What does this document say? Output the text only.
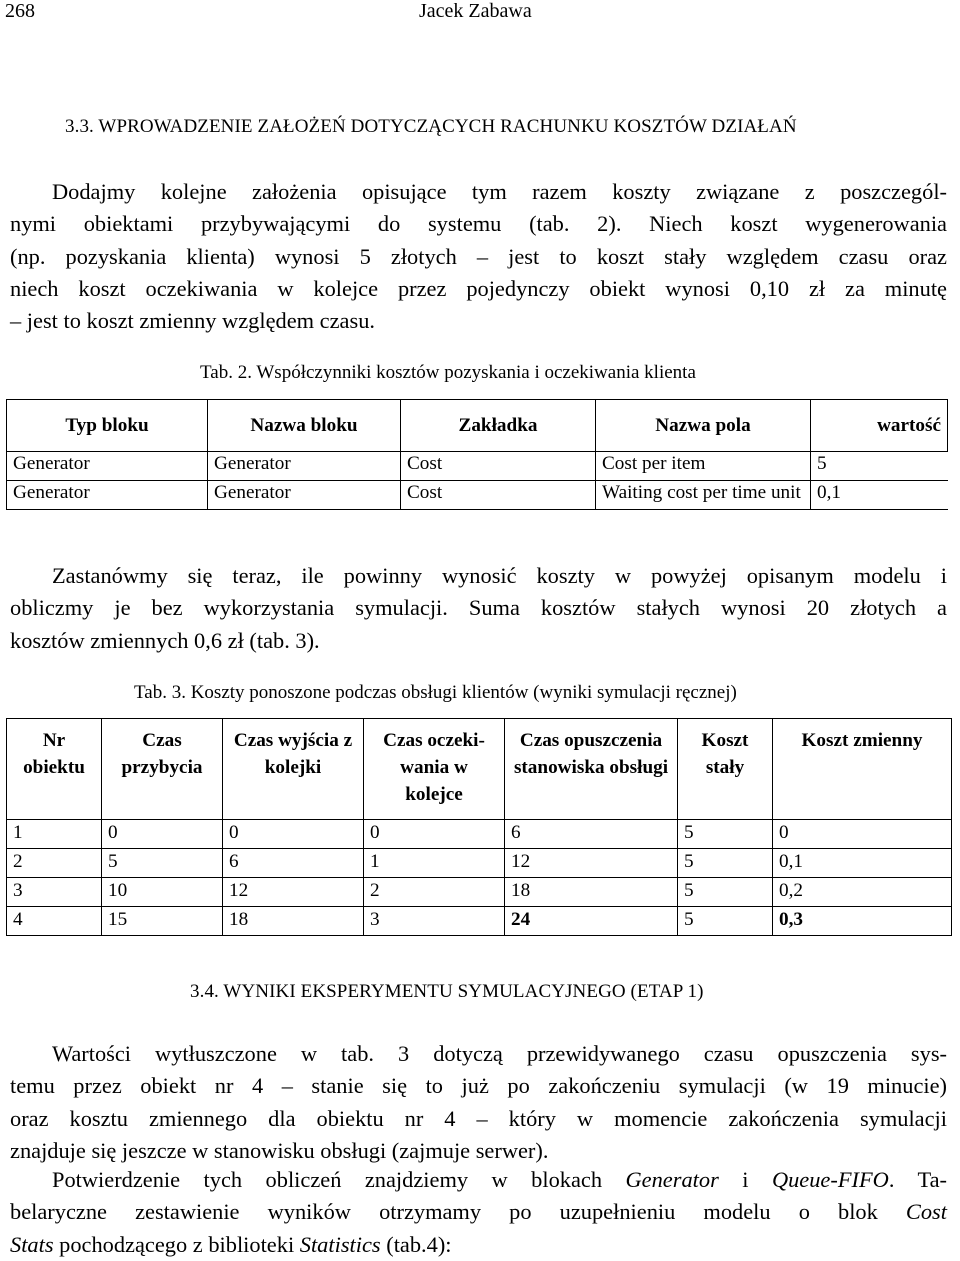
268	Jacek Zabawa
3.3. WPROWADZENIE ZAŁOŻEŃ DOTYCZĄCYCH RACHUNKU KOSZTÓW DZIAŁAŃ
Dodajmy kolejne założenia opisujące tym razem koszty związane z poszczegól-
nymi obiektami przybywającymi do systemu (tab. 2). Niech koszt wygenerowania
(np. pozyskania klienta) wynosi 5 złotych – jest to koszt stały względem czasu oraz
niech koszt oczekiwania w kolejce przez pojedynczy obiekt wynosi 0,10 zł za minutę
– jest to koszt zmienny względem czasu.
Tab. 2. Współczynniki kosztów pozyskania i oczekiwania klienta
Typ bloku	Nazwa bloku	Zakładka	Nazwa pola	wartość
Generator	Generator	Cost	Cost per item	5
Generator	Generator	Cost	Waiting cost per time unit	0,1
Zastanówmy się teraz, ile powinny wynosić koszty w powyżej opisanym modelu i
obliczmy je bez wykorzystania symulacji. Suma kosztów stałych wynosi 20 złotych a
kosztów zmiennych 0,6 zł (tab. 3).
Tab. 3. Koszty ponoszone podczas obsługi klientów (wyniki symulacji ręcznej)
Nr obiektu	Czas przybycia	Czas wyjścia z kolejki	Czas oczeki-wania w kolejce	Czas opuszczenia stanowiska obsługi	Koszt stały	Koszt zmienny
1	0	0	0	6	5	0
2	5	6	1	12	5	0,1
3	10	12	2	18	5	0,2
4	15	18	3	24	5	0,3
3.4. WYNIKI EKSPERYMENTU SYMULACYJNEGO (ETAP 1)
Wartości wytłuszczone w tab. 3 dotyczą przewidywanego czasu opuszczenia sys-
temu przez obiekt nr 4 – stanie się to już po zakończeniu symulacji (w 19 minucie)
oraz kosztu zmiennego dla obiektu nr 4 – który w momencie zakończenia symulacji
znajduje się jeszcze w stanowisku obsługi (zajmuje serwer).
Potwierdzenie tych obliczeń znajdziemy w blokach Generator i Queue-FIFO. Ta-
belaryczne zestawienie wyników otrzymamy po uzupełnieniu modelu o blok Cost
Stats pochodzącego z biblioteki Statistics (tab.4):
